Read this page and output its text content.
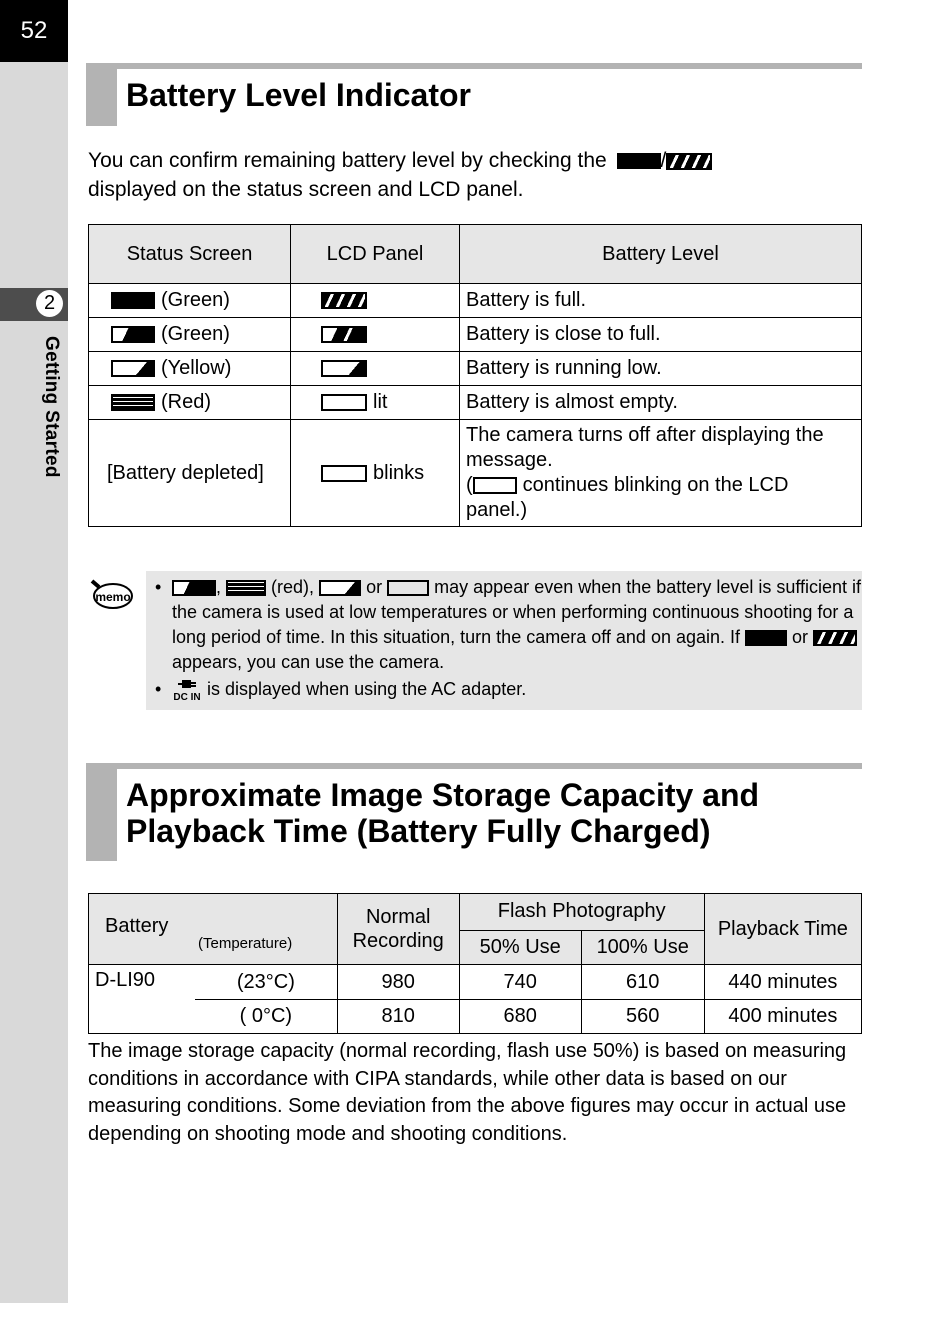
52
2
Getting Started
Battery Level Indicator
You can confirm remaining battery level by checking the	/
displayed on the status screen and LCD panel.
Status Screen	LCD Panel	Battery Level
(Green)		Battery is full.
(Green)		Battery is close to full.
(Yellow)		Battery is running low.
(Red)	lit	Battery is almost empty.
[Battery depleted]	blinks	The camera turns off after displaying the message.
( continues blinking on the LCD panel.)
memo	• ,	(red),	or	may appear even when the battery level is sufficient if the camera is used at low temperatures or when performing continuous shooting for a long period of time. In this situation, turn the camera off and on again. If	or  appears, you can use the camera.
• DC IN is displayed when using the AC adapter.
Approximate Image Storage Capacity and
Playback Time (Battery Fully Charged)
Battery
(Temperature)		Normal Recording	Flash Photography		Playback Time
			50% Use	100% Use	
D-LI90	(23°C)	980	740	610	440 minutes
	( 0°C)	810	680	560	400 minutes
The image storage capacity (normal recording, flash use 50%) is based on measuring conditions in accordance with CIPA standards, while other data is based on our measuring conditions. Some deviation from the above figures may occur in actual use depending on shooting mode and shooting conditions.
